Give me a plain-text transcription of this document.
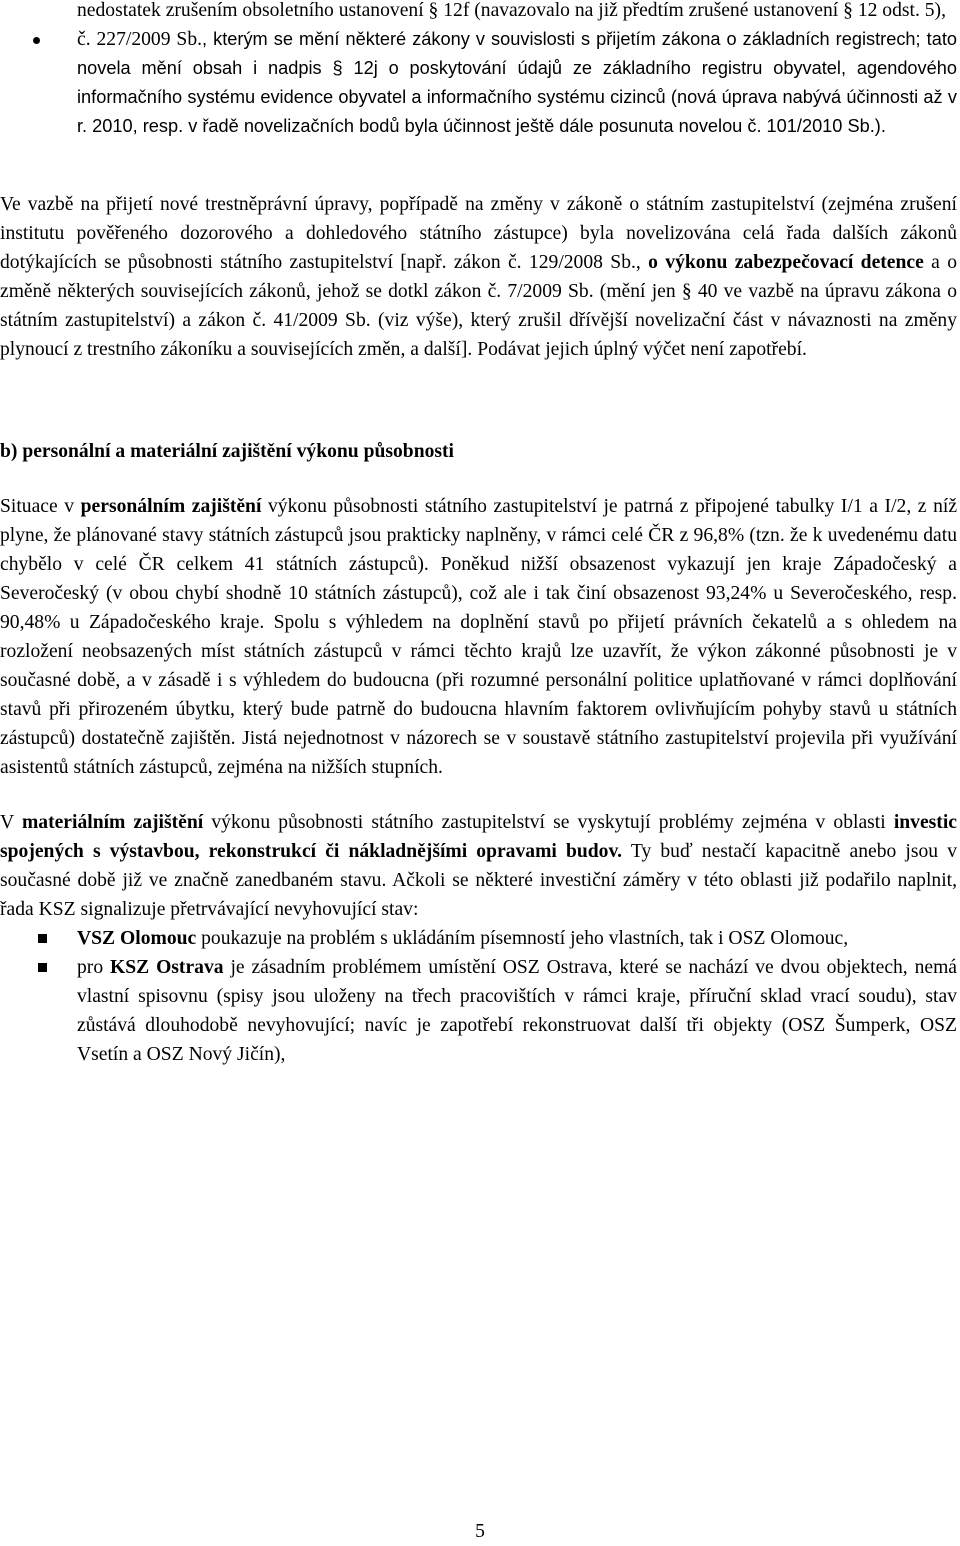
nedostatek zrušením obsoletního ustanovení § 12f (navazovalo na již předtím zrušené ustanovení § 12 odst. 5),
č. 227/2009 Sb., kterým se mění některé zákony v souvislosti s přijetím zákona o základních registrech; tato novela mění obsah i nadpis § 12j o poskytování údajů ze základního registru obyvatel, agendového informačního systému evidence obyvatel a informačního systému cizinců (nová úprava nabývá účinnosti až v r. 2010, resp. v řadě novelizačních bodů byla účinnost ještě dále posunuta novelou č. 101/2010 Sb.).

Ve vazbě na přijetí nové trestněprávní úpravy, popřípadě na změny v zákoně o státním zastupitelství (zejména zrušení institutu pověřeného dozorového a dohledového státního zástupce) byla novelizována celá řada dalších zákonů dotýkajících se působnosti státního zastupitelství [např. zákon č. 129/2008 Sb., o výkonu zabezpečovací detence a o změně některých souvisejících zákonů, jehož se dotkl zákon č. 7/2009 Sb. (mění jen § 40 ve vazbě na úpravu zákona o státním zastupitelství) a zákon č. 41/2009 Sb. (viz výše), který zrušil dřívější novelizační část v návaznosti na změny plynoucí z trestního zákoníku a souvisejících změn, a další]. Podávat jejich úplný výčet není zapotřebí.

b) personální a materiální zajištění výkonu působnosti

Situace v personálním zajištění výkonu působnosti státního zastupitelství je patrná z připojené tabulky I/1 a I/2, z níž plyne, že plánované stavy státních zástupců jsou prakticky naplněny, v rámci celé ČR z 96,8% (tzn. že k uvedenému datu chybělo v celé ČR celkem 41 státních zástupců). Poněkud nižší obsazenost vykazují jen kraje Západočeský a Severočeský (v obou chybí shodně 10 státních zástupců), což ale i tak činí obsazenost 93,24% u Severočeského, resp. 90,48% u Západočeského kraje. Spolu s výhledem na doplnění stavů po přijetí právních čekatelů a s ohledem na rozložení neobsazených míst státních zástupců v rámci těchto krajů lze uzavřít, že výkon zákonné působnosti je v současné době, a v zásadě i s výhledem do budoucna (při rozumné personální politice uplatňované v rámci doplňování stavů při přirozeném úbytku, který bude patrně do budoucna hlavním faktorem ovlivňujícím pohyby stavů u státních zástupců) dostatečně zajištěn. Jistá nejednotnost v názorech se v soustavě státního zastupitelství projevila při využívání asistentů státních zástupců, zejména na nižších stupních.

V materiálním zajištění výkonu působnosti státního zastupitelství se vyskytují problémy zejména v oblasti investic spojených s výstavbou, rekonstrukcí či nákladnějšími opravami budov. Ty buď nestačí kapacitně anebo jsou v současné době již ve značně zanedbaném stavu. Ačkoli se některé investiční záměry v této oblasti již podařilo naplnit, řada KSZ signalizuje přetrvávající nevyhovující stav:

VSZ Olomouc poukazuje na problém s ukládáním písemností jeho vlastních, tak i OSZ Olomouc,
pro KSZ Ostrava je zásadním problémem umístění OSZ Ostrava, které se nachází ve dvou objektech, nemá vlastní spisovnu (spisy jsou uloženy na třech pracovištích v rámci kraje, příruční sklad vrací soudu), stav zůstává dlouhodobě nevyhovující; navíc je zapotřebí rekonstruovat další tři objekty (OSZ Šumperk, OSZ Vsetín a OSZ Nový Jičín),
5
